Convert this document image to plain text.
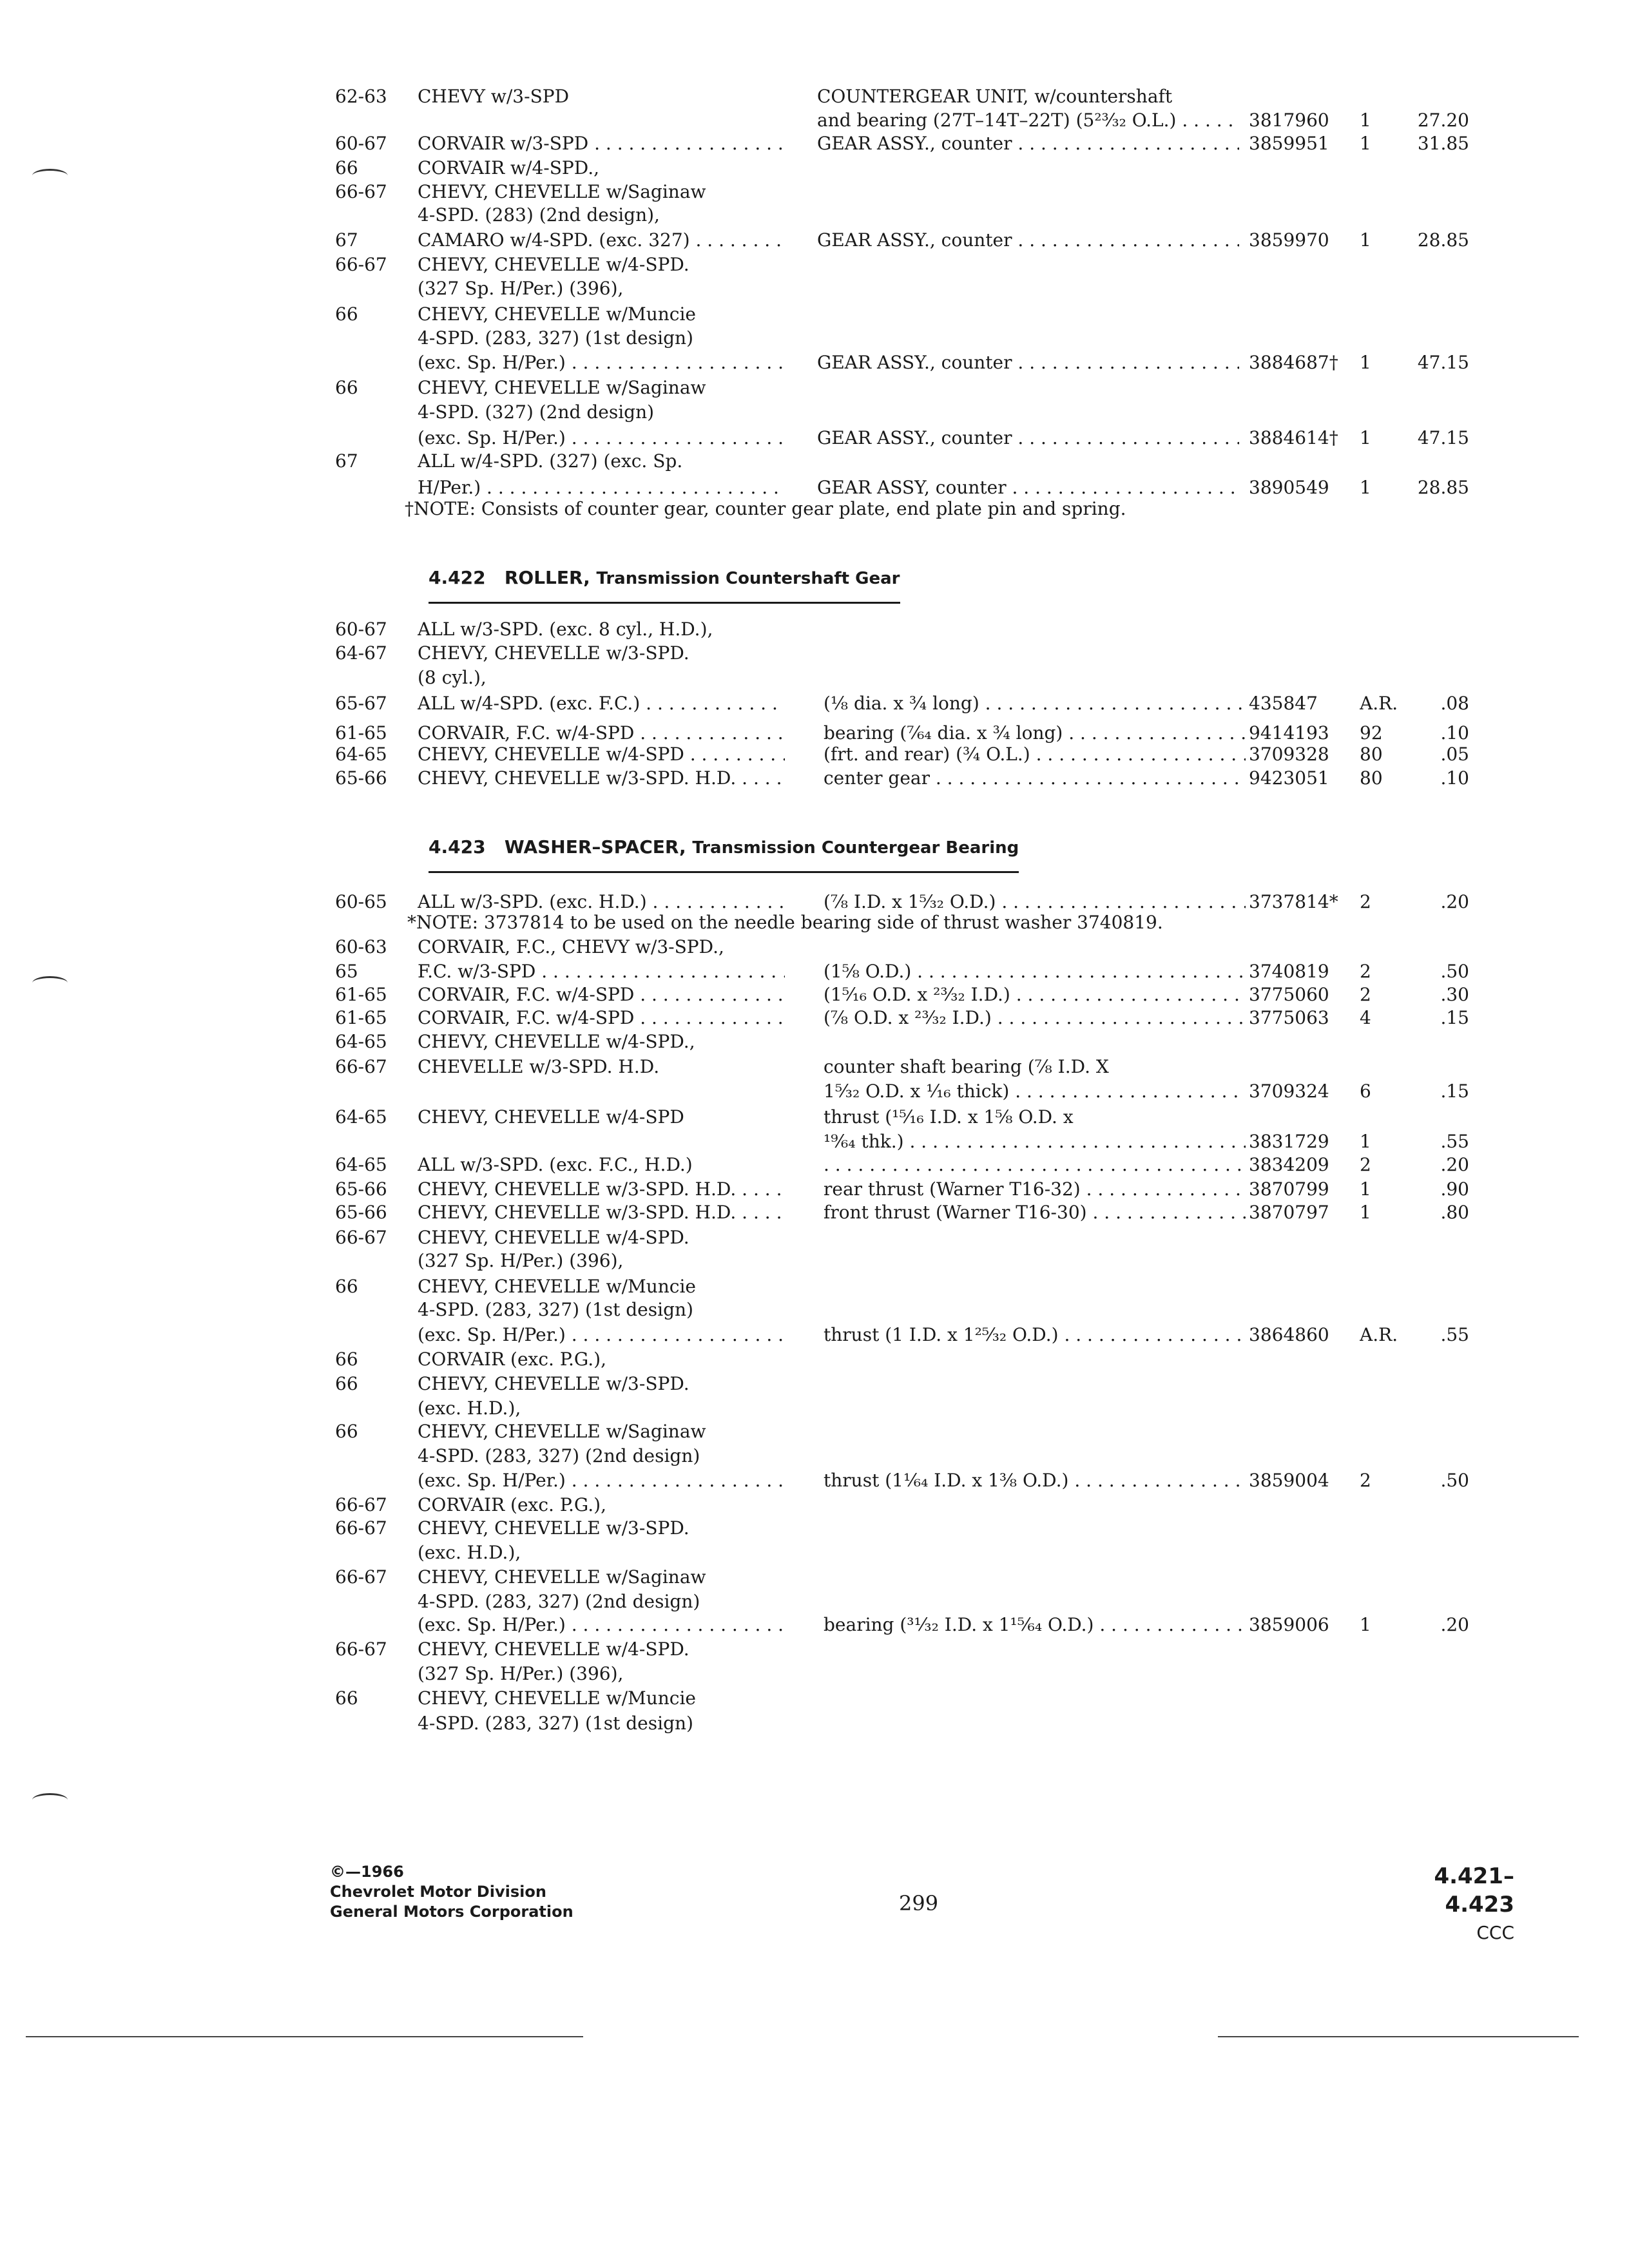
62-63 CHEVY w/3-SPD	COUNTERGEAR UNIT, w/countershaft
and bearing (27T–14T–22T) (5²³⁄₃₂ O.L.) . . .	3817960 1	27.20
60-67 CORVAIR w/3-SPD . . .	GEAR ASSY., counter . . .	3859951 1	31.85
66	CORVAIR w/4-SPD.,
66-67 CHEVY, CHEVELLE w/Saginaw
4-SPD. (283) (2nd design),
67	CAMARO w/4-SPD. (exc. 327) . . .	GEAR ASSY., counter . . .	3859970 1	28.85
66-67 CHEVY, CHEVELLE w/4-SPD.
(327 Sp. H/Per.) (396),
66	CHEVY, CHEVELLE w/Muncie
4-SPD. (283, 327) (1st design)
(exc. Sp. H/Per.) . . .	GEAR ASSY., counter . . .	3884687† 1	47.15
66	CHEVY, CHEVELLE w/Saginaw
4-SPD. (327) (2nd design)
(exc. Sp. H/Per.) . . .	GEAR ASSY., counter . . .	3884614† 1	47.15
67	ALL w/4-SPD. (327) (exc. Sp.
H/Per.) . . .	GEAR ASSY, counter . . .	3890549 1	28.85
†NOTE: Consists of counter gear, counter gear plate, end plate pin and spring.
4.422 ROLLER, Transmission Countershaft Gear
60-67 ALL w/3-SPD. (exc. 8 cyl., H.D.),
64-67 CHEVY, CHEVELLE w/3-SPD.
(8 cyl.),
65-67 ALL w/4-SPD. (exc. F.C.) . . .	(⅛ dia. x ¾ long) . . .	435847 A.R.	.08
61-65 CORVAIR, F.C. w/4-SPD . . .	bearing (⁷⁄₆₄ dia. x ¾ long) . . .	9414193 92	.10
64-65 CHEVY, CHEVELLE w/4-SPD . . .	(frt. and rear) (¾ O.L.) . . .	3709328 80	.05
65-66 CHEVY, CHEVELLE w/3-SPD. H.D. . . .	center gear . . .	9423051 80	.10
4.423 WASHER–SPACER, Transmission Countergear Bearing
60-65 ALL w/3-SPD. (exc. H.D.) . . .	(⅞ I.D. x 1⁵⁄₃₂ O.D.) . . .	3737814* 2	.20
*NOTE: 3737814 to be used on the needle bearing side of thrust washer 3740819.
60-63 CORVAIR, F.C., CHEVY w/3-SPD.,
65	F.C. w/3-SPD . . .	(1⅝ O.D.) . . .	3740819 2	.50
61-65 CORVAIR, F.C. w/4-SPD . . .	(1⁵⁄₁₆ O.D. x ²³⁄₃₂ I.D.) . . .	3775060 2	.30
61-65 CORVAIR, F.C. w/4-SPD . . .	(⅞ O.D. x ²³⁄₃₂ I.D.) . . .	3775063 4	.15
64-65 CHEVY, CHEVELLE w/4-SPD.,
66-67 CHEVELLE w/3-SPD. H.D.	counter shaft bearing (⅞ I.D. X
1⁵⁄₃₂ O.D. x ¹⁄₁₆ thick) . . .	3709324 6	.15
64-65 CHEVY, CHEVELLE w/4-SPD	thrust (¹⁵⁄₁₆ I.D. x 1⅝ O.D. x
¹⁹⁄₆₄ thk.) . . .	3831729 1	.55
64-65 ALL w/3-SPD. (exc. F.C., H.D.)
. . .	3834209 2	.20
65-66 CHEVY, CHEVELLE w/3-SPD. H.D. . . .	rear thrust (Warner T16-32) . . .	3870799 1	.90
65-66 CHEVY, CHEVELLE w/3-SPD. H.D. . . .	front thrust (Warner T16-30) . . .	3870797 1	.80
66-67 CHEVY, CHEVELLE w/4-SPD.
(327 Sp. H/Per.) (396),
66	CHEVY, CHEVELLE w/Muncie
4-SPD. (283, 327) (1st design)
(exc. Sp. H/Per.) . . .	thrust (1 I.D. x 1²⁵⁄₃₂ O.D.) . . .	3864860 A.R.	.55
66	CORVAIR (exc. P.G.),
66	CHEVY, CHEVELLE w/3-SPD.
(exc. H.D.),
66	CHEVY, CHEVELLE w/Saginaw
4-SPD. (283, 327) (2nd design)
(exc. Sp. H/Per.) . . .	thrust (1¹⁄₆₄ I.D. x 1⅜ O.D.) . . .	3859004 2	.50
66-67 CORVAIR (exc. P.G.),
66-67 CHEVY, CHEVELLE w/3-SPD.
(exc. H.D.),
66-67 CHEVY, CHEVELLE w/Saginaw
4-SPD. (283, 327) (2nd design)
(exc. Sp. H/Per.) . . .	bearing (³¹⁄₃₂ I.D. x 1¹⁵⁄₆₄ O.D.) . . .	3859006 1	.20
66-67 CHEVY, CHEVELLE w/4-SPD.
(327 Sp. H/Per.) (396),
66	CHEVY, CHEVELLE w/Muncie
4-SPD. (283, 327) (1st design)
©—1966
Chevrolet Motor Division
General Motors Corporation	299
4.421–4.423
CCC
